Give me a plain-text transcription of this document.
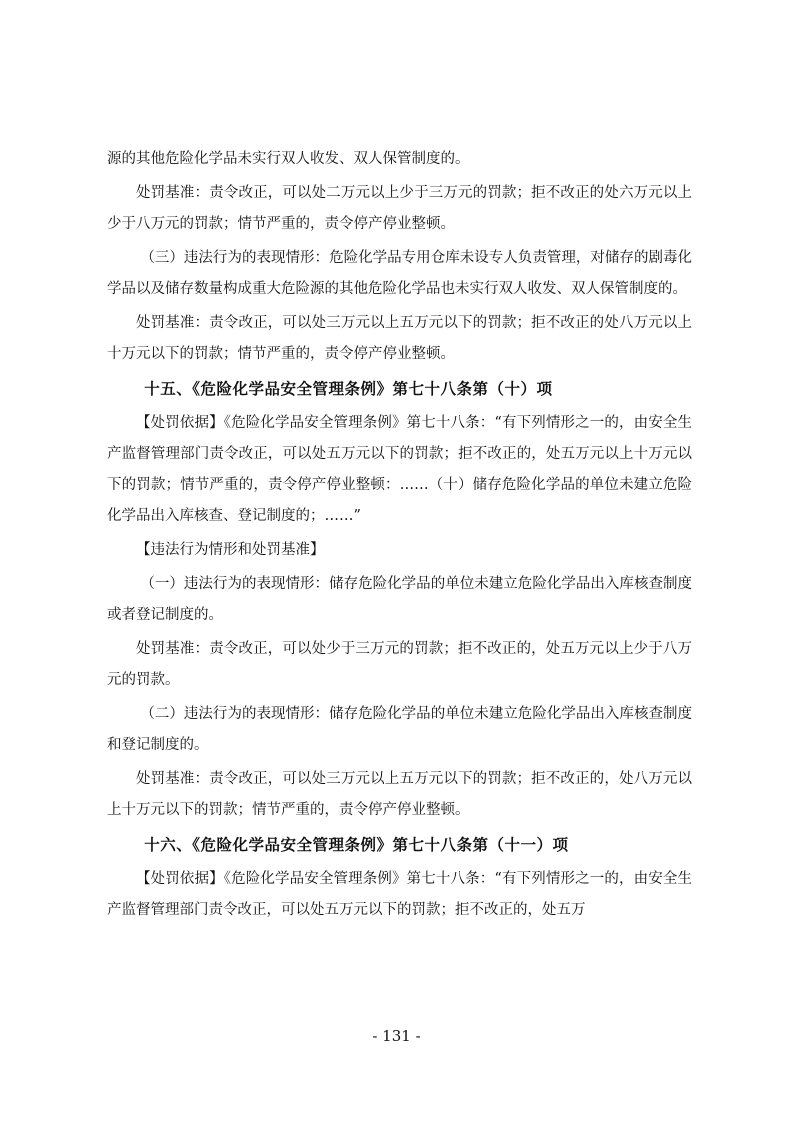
源的其他危险化学品未实行双人收发、双人保管制度的。

处罚基准：责令改正，可以处二万元以上少于三万元的罚款；拒不改正的处六万元以上少于八万元的罚款；情节严重的，责令停产停业整顿。

（三）违法行为的表现情形：危险化学品专用仓库未设专人负责管理，对储存的剧毒化学品以及储存数量构成重大危险源的其他危险化学品也未实行双人收发、双人保管制度的。

处罚基准：责令改正，可以处三万元以上五万元以下的罚款；拒不改正的处八万元以上十万元以下的罚款；情节严重的，责令停产停业整顿。

十五、《危险化学品安全管理条例》第七十八条第（十）项

【处罚依据】《危险化学品安全管理条例》第七十八条：“有下列情形之一的，由安全生产监督管理部门责令改正，可以处五万元以下的罚款；拒不改正的，处五万元以上十万元以下的罚款；情节严重的，责令停产停业整顿：……（十）储存危险化学品的单位未建立危险化学品出入库核查、登记制度的；……”

【违法行为情形和处罚基准】

（一）违法行为的表现情形：储存危险化学品的单位未建立危险化学品出入库核查制度或者登记制度的。

处罚基准：责令改正，可以处少于三万元的罚款；拒不改正的，处五万元以上少于八万元的罚款。

（二）违法行为的表现情形：储存危险化学品的单位未建立危险化学品出入库核查制度和登记制度的。

处罚基准：责令改正，可以处三万元以上五万元以下的罚款；拒不改正的，处八万元以上十万元以下的罚款；情节严重的，责令停产停业整顿。

十六、《危险化学品安全管理条例》第七十八条第（十一）项

【处罚依据】《危险化学品安全管理条例》第七十八条：“有下列情形之一的，由安全生产监督管理部门责令改正，可以处五万元以下的罚款；拒不改正的，处五万

- 131 -
